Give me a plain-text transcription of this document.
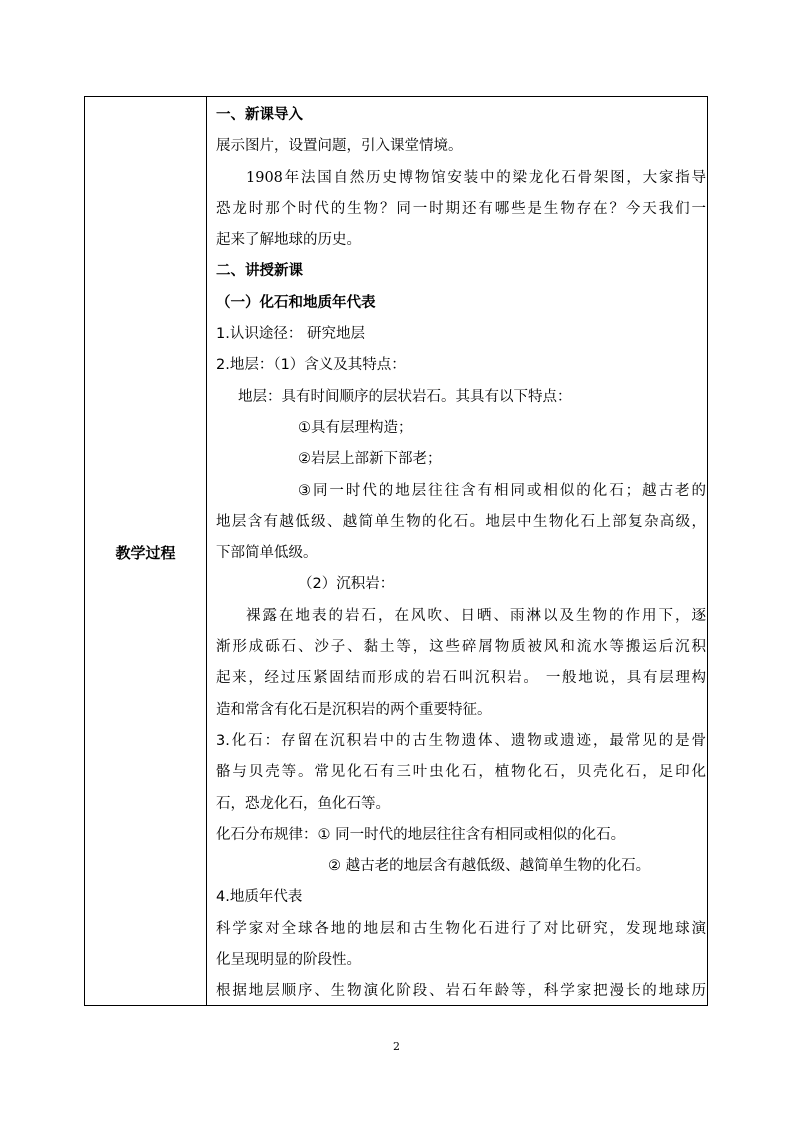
教学过程
一、新课导入
展示图片，设置问题，引入课堂情境。
1908年法国自然历史博物馆安装中的梁龙化石骨架图，大家指导
恐龙时那个时代的生物？同一时期还有哪些是生物存在？今天我们一
起来了解地球的历史。
二、讲授新课
（一）化石和地质年代表
1.认识途径： 研究地层
2.地层：（1）含义及其特点：
地层：具有时间顺序的层状岩石。其具有以下特点：
①具有层理构造；
②岩层上部新下部老；
③同一时代的地层往往含有相同或相似的化石；越古老的
地层含有越低级、越简单生物的化石。地层中生物化石上部复杂高级，
下部简单低级。
（2）沉积岩：
裸露在地表的岩石，在风吹、日晒、雨淋以及生物的作用下，逐
渐形成砾石、沙子、黏土等，这些碎屑物质被风和流水等搬运后沉积
起来，经过压紧固结而形成的岩石叫沉积岩。 一般地说，具有层理构
造和常含有化石是沉积岩的两个重要特征。
3.化石：存留在沉积岩中的古生物遗体、遗物或遗迹，最常见的是骨
骼与贝壳等。常见化石有三叶虫化石，植物化石，贝壳化石，足印化
石，恐龙化石，鱼化石等。
化石分布规律：① 同一时代的地层往往含有相同或相似的化石。
② 越古老的地层含有越低级、越简单生物的化石。
4.地质年代表
科学家对全球各地的地层和古生物化石进行了对比研究，发现地球演
化呈现明显的阶段性。
根据地层顺序、生物演化阶段、岩石年龄等，科学家把漫长的地球历
2
